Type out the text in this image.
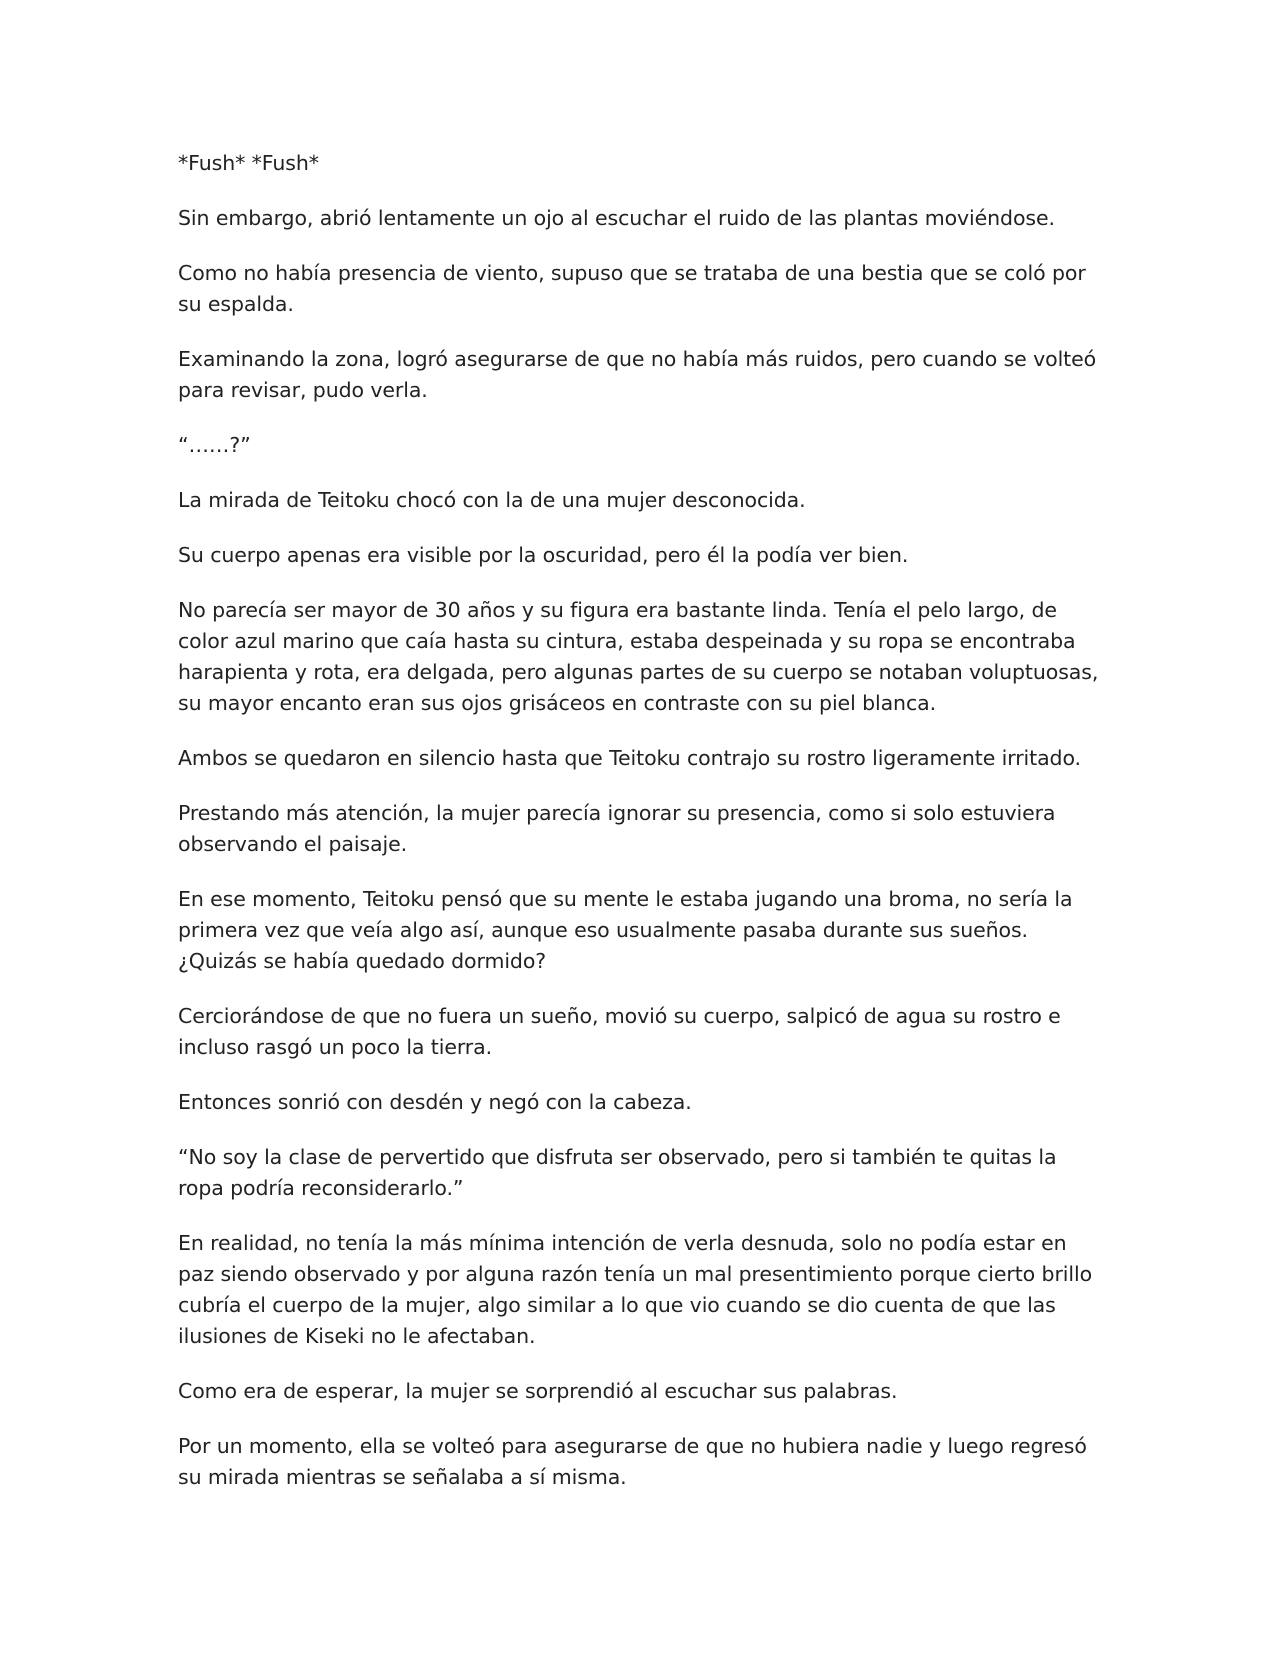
*Fush* *Fush*

Sin embargo, abrió lentamente un ojo al escuchar el ruido de las plantas moviéndose.

Como no había presencia de viento, supuso que se trataba de una bestia que se coló por su espalda.

Examinando la zona, logró asegurarse de que no había más ruidos, pero cuando se volteó para revisar, pudo verla.

“……?”

La mirada de Teitoku chocó con la de una mujer desconocida.

Su cuerpo apenas era visible por la oscuridad, pero él la podía ver bien.

No parecía ser mayor de 30 años y su figura era bastante linda. Tenía el pelo largo, de color azul marino que caía hasta su cintura, estaba despeinada y su ropa se encontraba harapienta y rota, era delgada, pero algunas partes de su cuerpo se notaban voluptuosas, su mayor encanto eran sus ojos grisáceos en contraste con su piel blanca.

Ambos se quedaron en silencio hasta que Teitoku contrajo su rostro ligeramente irritado.

Prestando más atención, la mujer parecía ignorar su presencia, como si solo estuviera observando el paisaje.

En ese momento, Teitoku pensó que su mente le estaba jugando una broma, no sería la primera vez que veía algo así, aunque eso usualmente pasaba durante sus sueños. ¿Quizás se había quedado dormido?

Cerciorándose de que no fuera un sueño, movió su cuerpo, salpicó de agua su rostro e incluso rasgó un poco la tierra.

Entonces sonrió con desdén y negó con la cabeza.

“No soy la clase de pervertido que disfruta ser observado, pero si también te quitas la ropa podría reconsiderarlo.”

En realidad, no tenía la más mínima intención de verla desnuda, solo no podía estar en paz siendo observado y por alguna razón tenía un mal presentimiento porque cierto brillo cubría el cuerpo de la mujer, algo similar a lo que vio cuando se dio cuenta de que las ilusiones de Kiseki no le afectaban.

Como era de esperar, la mujer se sorprendió al escuchar sus palabras.

Por un momento, ella se volteó para asegurarse de que no hubiera nadie y luego regresó su mirada mientras se señalaba a sí misma.
